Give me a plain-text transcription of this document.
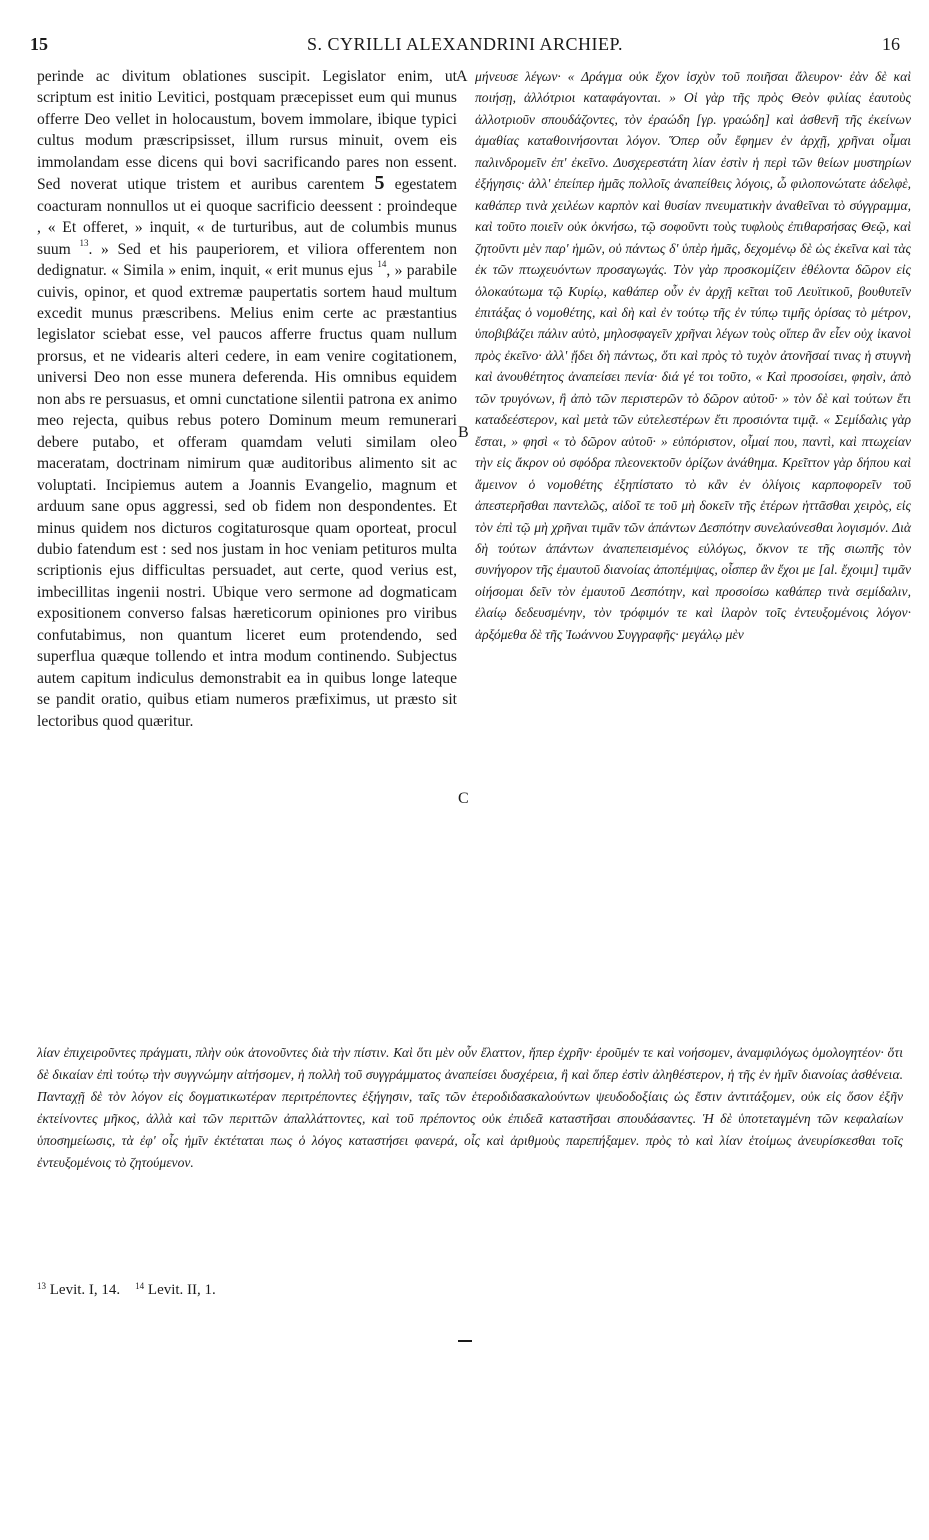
15	S. CYRILLI ALEXANDRINI ARCHIEP.	16

perinde ac divitum oblationes suscipit. Legislator enim, ut scriptum est initio Levitici, postquam præcepisset eum qui munus offerre Deo vellet in holocaustum, bovem immolare, ibique typici cultus modum præscripsisset, illum rursus minuit, ovem eis immolandam esse dicens qui bovi sacrificando pares non essent. Sed noverat utique tristem et auribus carentem 5 egestatem coacturam nonnullos ut ei quoque sacrificio deessent : proindeque , « Et offeret, » inquit, « de turturibus, aut de columbis munus suum $^{13}$. » Sed et his pauperiorem, et viliora offerentem non dedignatur. « Simila » enim, inquit, « erit munus ejus $^{14}$, » parabile cuivis, opinor, et quod extremæ paupertatis sortem haud multum excedit munus præscribens. Melius enim certe ac præstantius legislator sciebat esse, vel paucos afferre fructus quam nullum prorsus, et ne videaris alteri cedere, in eam venire cogitationem, universi Deo non esse munera deferenda. His omnibus equidem non abs re persuasus, et omni cunctatione silentii patrona ex animo meo rejecta, quibus rebus potero Dominum meum remunerari debere putabo, et offeram quamdam veluti similam oleo maceratam, doctrinam nimirum quæ auditoribus alimento sit ac voluptati. Incipiemus autem a Joannis Evangelio, magnum et arduum sane opus aggressi, sed ob fidem non despondentes. Et minus quidem nos dicturos cogitaturosque quam oporteat, procul dubio fatendum est : sed nos justam in hoc veniam petituros multa scriptionis ejus difficultas persuadet, aut certe, quod verius est, imbecillitas ingenii nostri. Ubique vero sermone ad dogmaticam expositionem converso falsas hæreticorum opiniones pro viribus confutabimus, non quantum liceret eum protendendo, sed superflua quæque tollendo et intra modum continendo. Subjectus autem capitum indiculus demonstrabit ea in quibus longe lateque se pandit oratio, quibus etiam numeros præfiximus, ut præsto sit lectoribus quod quæritur.

A
B
C

μήνευσε λέγων· « Δράγμα οὐκ ἔχον ἰσχὺν τοῦ ποιῆσαι ἄλευρον· ἐὰν δὲ καὶ ποιήσῃ, ἀλλότριοι καταφάγονται. » Οἱ γὰρ τῆς πρὸς Θεὸν φιλίας ἑαυτοὺς ἀλλοτριοῦν σπουδάζοντες, τὸν ἐραώδη [γρ. γραώδη] καὶ ἀσθενῆ τῆς ἐκείνων ἀμαθίας καταθοινήσονται λόγον. Ὅπερ οὖν ἔφημεν ἐν ἀρχῇ, χρῆναι οἶμαι παλινδρομεῖν ἐπ' ἐκεῖνο. Δυσχερεστάτη λίαν ἐστὶν ἡ περὶ τῶν θείων μυστηρίων ἐξήγησις· ἀλλ' ἐπείπερ ἡμᾶς πολλοῖς ἀναπείθεις λόγοις, ὦ φιλοπονώτατε ἀδελφὲ, καθάπερ τινὰ χειλέων καρπὸν καὶ θυσίαν πνευματικὴν ἀναθεῖναι τὸ σύγγραμμα, καὶ τοῦτο ποιεῖν οὐκ ὀκνήσω, τῷ σοφοῦντι τοὺς τυφλοὺς ἐπιθαρσήσας Θεῷ, καὶ ζητοῦντι μὲν παρ' ἡμῶν, οὐ πάντως δ' ὑπὲρ ἡμᾶς, δεχομένῳ δὲ ὡς ἐκεῖνα καὶ τὰς ἐκ τῶν πτωχευόντων προσαγωγάς. Τὸν γὰρ προσκομίζειν ἐθέλοντα δῶρον εἰς ὁλοκαύτωμα τῷ Κυρίῳ, καθάπερ οὖν ἐν ἀρχῇ κεῖται τοῦ Λευϊτικοῦ, βουθυτεῖν ἐπιτάξας ὁ νομοθέτης, καὶ δὴ καὶ ἐν τούτῳ τῆς ἐν τύπῳ τιμῆς ὁρίσας τὸ μέτρον, ὑποβιβάζει πάλιν αὐτὸ, μηλοσφαγεῖν χρῆναι λέγων τοὺς οἵπερ ἂν εἶεν οὐχ ἱκανοὶ πρὸς ἐκεῖνο· ἀλλ' ᾔδει δὴ πάντως, ὅτι καὶ πρὸς τὸ τυχὸν ἀτονῆσαί τινας ἡ στυγνὴ καὶ ἀνουθέτητος ἀναπείσει πενία· διά γέ τοι τοῦτο, « Καὶ προσοίσει, φησὶν, ἀπὸ τῶν τρυγόνων, ἢ ἀπὸ τῶν περιστερῶν τὸ δῶρον αὐτοῦ· » τὸν δὲ καὶ τούτων ἔτι καταδεέστερον, καὶ μετὰ τῶν εὐτελεστέρων ἔτι προσιόντα τιμᾷ. « Σεμίδαλις γὰρ ἔσται, » φησὶ « τὸ δῶρον αὐτοῦ· » εὐπόριστον, οἶμαί που, παντὶ, καὶ πτωχείαν τὴν εἰς ἄκρον οὐ σφόδρα πλεονεκτοῦν ὁρίζων ἀνάθημα. Κρεῖττον γὰρ δήπου καὶ ἄμεινον ὁ νομοθέτης ἐξηπίστατο τὸ κἂν ἐν ὀλίγοις καρποφορεῖν τοῦ ἀπεστερῆσθαι παντελῶς, αἰδοῖ τε τοῦ μὴ δοκεῖν τῆς ἑτέρων ἡττᾶσθαι χειρὸς, εἰς τὸν ἐπὶ τῷ μὴ χρῆναι τιμᾶν τῶν ἁπάντων Δεσπότην συνελαύνεσθαι λογισμόν. Διὰ δὴ τούτων ἁπάντων ἀναπεπεισμένος εὐλόγως, ὄκνον τε τῆς σιωπῆς τὸν συνήγορον τῆς ἐμαυτοῦ διανοίας ἀποπέμψας, οἷσπερ ἂν ἔχοι με [al. ἔχοιμι] τιμᾶν οἰήσομαι δεῖν τὸν ἐμαυτοῦ Δεσπότην, καὶ προσοίσω καθάπερ τινὰ σεμίδαλιν, ἐλαίῳ δεδευσμένην, τὸν τρόφιμόν τε καὶ ἱλαρὸν τοῖς ἐντευξομένοις λόγον· ἀρξόμεθα δὲ τῆς Ἰωάννου Συγγραφῆς· μεγάλῳ μὲν

λίαν ἐπιχειροῦντες πράγματι, πλὴν οὐκ ἀτονοῦντες διὰ τὴν πίστιν. Καὶ ὅτι μὲν οὖν ἔλαττον, ἤπερ ἐχρῆν· ἐροῦμέν τε καὶ νοήσομεν, ἀναμφιλόγως ὁμολογητέον· ὅτι δὲ δικαίαν ἐπὶ τούτῳ τὴν συγγνώμην αἰτήσομεν, ἡ πολλὴ τοῦ συγγράμματος ἀναπείσει δυσχέρεια, ἢ καὶ ὅπερ ἐστὶν ἀληθέστερον, ἡ τῆς ἐν ἡμῖν διανοίας ἀσθένεια. Πανταχῇ δὲ τὸν λόγον εἰς δογματικωτέραν περιτρέποντες ἐξήγησιν, ταῖς τῶν ἑτεροδιδασκαλούντων ψευδοδοξίαις ὡς ἔστιν ἀντιτάξομεν, οὐκ εἰς ὅσον ἐξῆν ἐκτείνοντες μῆκος, ἀλλὰ καὶ τῶν περιττῶν ἀπαλλάττοντες, καὶ τοῦ πρέποντος οὐκ ἐπιδεᾶ καταστῆσαι σπουδάσαντες. Ἡ δὲ ὑποτεταγμένη τῶν κεφαλαίων ὑποσημείωσις, τὰ ἐφ' οἷς ἡμῖν ἐκτέταται πως ὁ λόγος καταστήσει φανερά, οἷς καὶ ἀριθμοὺς παρεπήξαμεν. πρὸς τὸ καὶ λίαν ἑτοίμως ἀνευρίσκεσθαι τοῖς ἐντευξομένοις τὸ ζητούμενον.

$^{13}$ Levit. I, 14. $^{14}$ Levit. II, 1.
